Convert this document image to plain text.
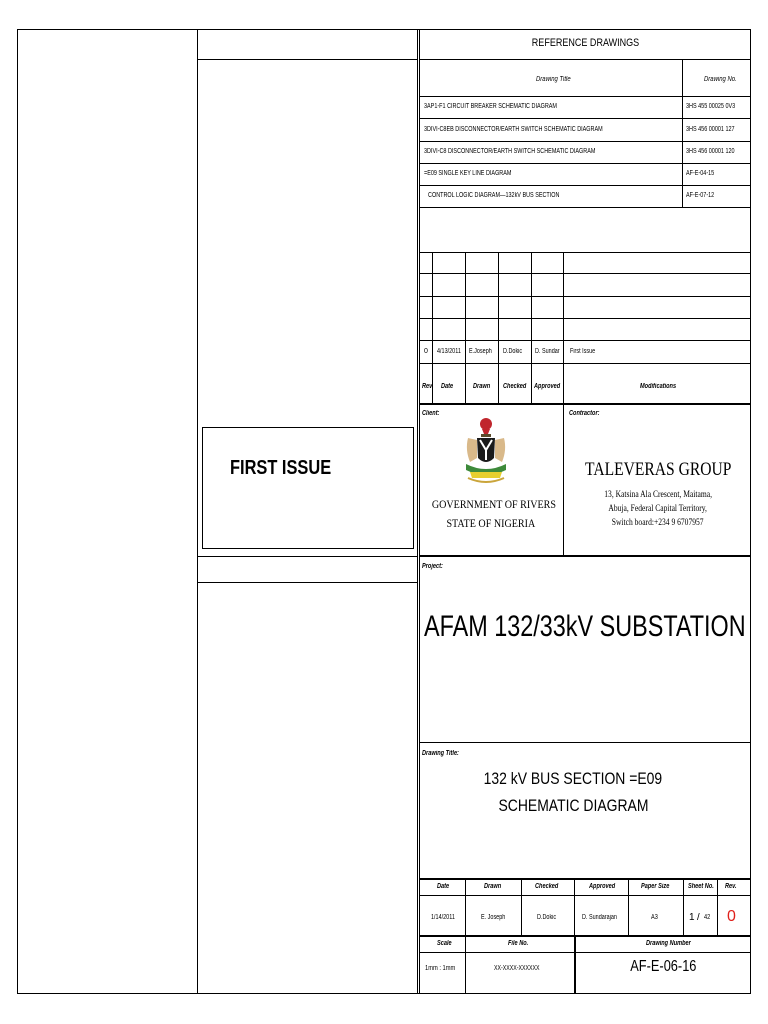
FIRST ISSUE
REFERENCE DRAWINGS
Drawing Title	Drawing No.
3AP1-F1 CIRCUIT BREAKER SCHEMATIC DIAGRAM	3HS 455 00025 0V3
3DIVI-C8EB DISCONNECTOR/EARTH SWITCH SCHEMATIC DIAGRAM	3HS 456 00001 127
3DIVI-C8 DISCONNECTOR/EARTH SWITCH SCHEMATIC DIAGRAM	3HS 456 00001 120
=E09 SINGLE KEY LINE DIAGRAM	AF-E-04-15
CONTROL LOGIC DIAGRAM—132kV BUS SECTION	AF-E-07-12
0 4/13/2011	E.Joseph	D.Dokic	D. Sundar	First Issue
Rev.	Date	Drawn	Checked	Approved	Modifications
Client:
GOVERNMENT OF RIVERS
STATE OF NIGERIA
Contractor:
TALEVERAS GROUP
13, Katsina Ala Crescent, Maitama,
Abuja, Federal Capital Territory,
Switch board:+234 9 6707957
Project:
AFAM 132/33kV SUBSTATION
Drawing Title:
132 kV BUS SECTION =E09
SCHEMATIC DIAGRAM
Date	Drawn	Checked	Approved	Paper Size	Sheet No.	Rev.
1/14/2011	E. Joseph	D.Dokic	D. Sundarajan	A3	1 / 42 0
Scale	File No.	Drawing Number
1mm : 1mm	XX-XXXX-XXXXXX	AF-E-06-16
